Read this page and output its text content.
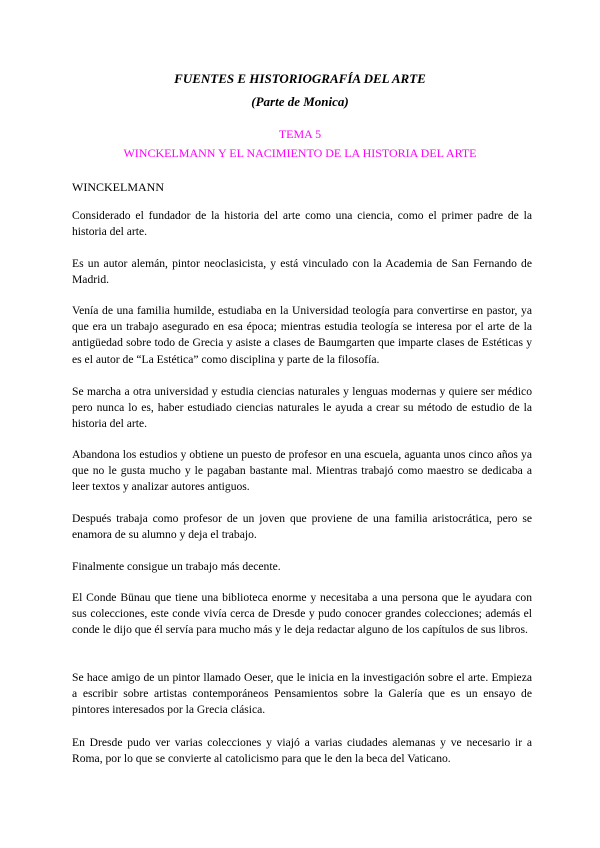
FUENTES E HISTORIOGRAFÍA DEL ARTE

(Parte de Monica)

TEMA 5

WINCKELMANN Y EL NACIMIENTO DE LA HISTORIA DEL ARTE

WINCKELMANN

Considerado el fundador de la historia del arte como una ciencia, como el primer padre de la historia del arte.

Es un autor alemán, pintor neoclasicista, y está vinculado con la Academia de San Fernando de Madrid.

Venía de una familia humilde, estudiaba en la Universidad teología para convertirse en pastor, ya que era un trabajo asegurado en esa época; mientras estudia teología se interesa por el arte de la antigüedad sobre todo de Grecia y asiste a clases de Baumgarten que imparte clases de Estéticas y es el autor de “La Estética” como disciplina y parte de la filosofía.

Se marcha a otra universidad y estudia ciencias naturales y lenguas modernas y quiere ser médico pero nunca lo es, haber estudiado ciencias naturales le ayuda a crear su método de estudio de la historia del arte.

Abandona los estudios y obtiene un puesto de profesor en una escuela, aguanta unos cinco años ya que no le gusta mucho y le pagaban bastante mal. Mientras trabajó como maestro se dedicaba a leer textos y analizar autores antiguos.

Después trabaja como profesor de un joven que proviene de una familia aristocrática, pero se enamora de su alumno y deja el trabajo.

Finalmente consigue un trabajo más decente.

El Conde Bünau que tiene una biblioteca enorme y necesitaba a una persona que le ayudara con sus colecciones, este conde vivía cerca de Dresde y pudo conocer grandes colecciones; además el conde le dijo que él servía para mucho más y le deja redactar alguno de los capítulos de sus libros.

Se hace amigo de un pintor llamado Oeser, que le inicia en la investigación sobre el arte. Empieza a escribir sobre artistas contemporáneos Pensamientos sobre la Galería que es un ensayo de pintores interesados por la Grecia clásica.

En Dresde pudo ver varias colecciones y viajó a varias ciudades alemanas y ve necesario ir a Roma, por lo que se convierte al catolicismo para que le den la beca del Vaticano.
